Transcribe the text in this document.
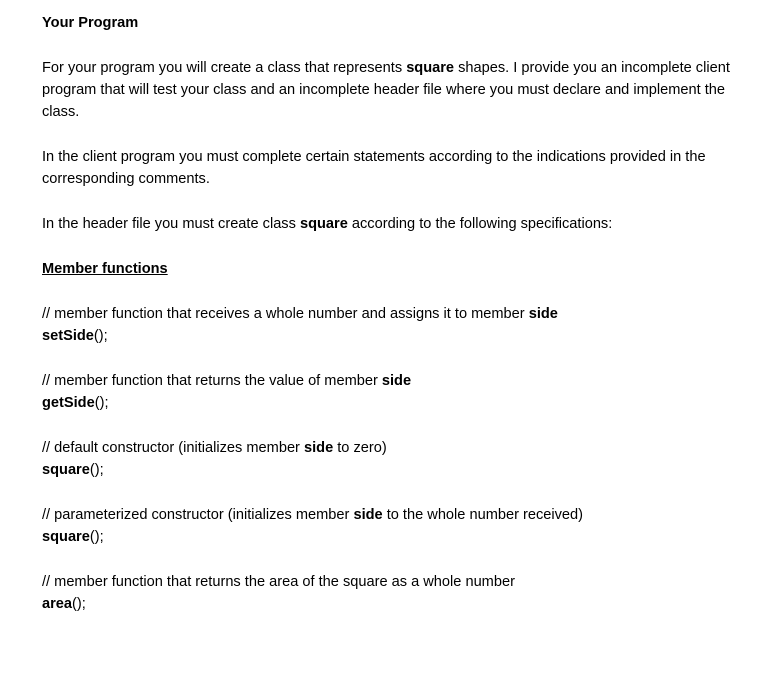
Your Program
For your program you will create a class that represents square shapes. I provide you an incomplete client
program that will test your class and an incomplete header file where you must declare and implement the
class.
In the client program you must complete certain statements according to the indications provided in the
corresponding comments.
In the header file you must create class square according to the following specifications:
Member functions
// member function that receives a whole number and assigns it to member side
setSide();
// member function that returns the value of member side
getSide();
// default constructor (initializes member side to zero)
square();
// parameterized constructor (initializes member side to the whole number received)
square();
// member function that returns the area of the square as a whole number
area();
